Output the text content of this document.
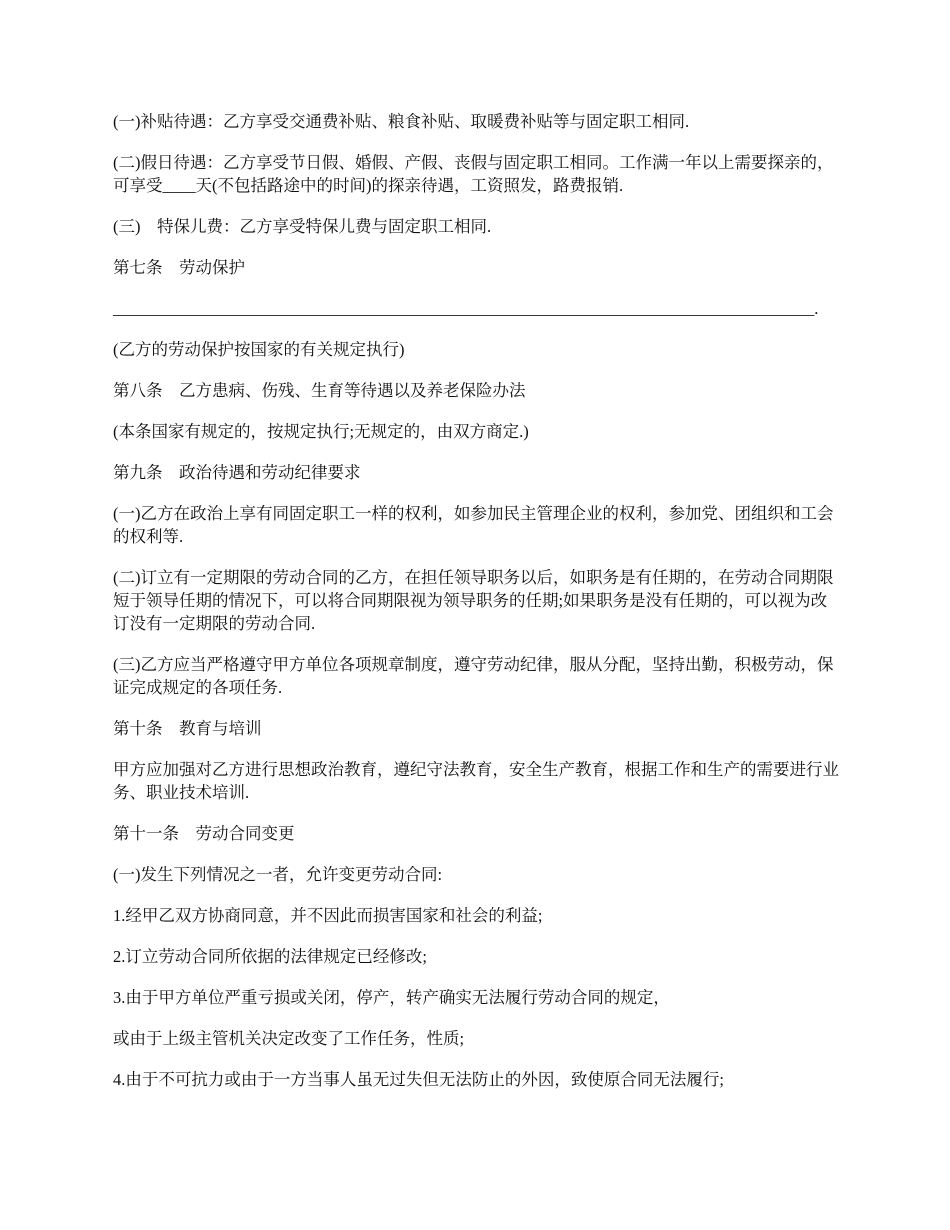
(一)补贴待遇：乙方享受交通费补贴、粮食补贴、取暖费补贴等与固定职工相同.

(二)假日待遇：乙方享受节日假、婚假、产假、丧假与固定职工相同。工作满一年以上需要探亲的，可享受____天(不包括路途中的时间)的探亲待遇，工资照发，路费报销.

(三)　特保儿费：乙方享受特保儿费与固定职工相同.

第七条　劳动保护

_____________________________________________________________________________________.

(乙方的劳动保护按国家的有关规定执行)

第八条　乙方患病、伤残、生育等待遇以及养老保险办法

(本条国家有规定的，按规定执行;无规定的，由双方商定.)

第九条　政治待遇和劳动纪律要求

(一)乙方在政治上享有同固定职工一样的权利，如参加民主管理企业的权利，参加党、团组织和工会的权利等.

(二)订立有一定期限的劳动合同的乙方，在担任领导职务以后，如职务是有任期的，在劳动合同期限短于领导任期的情况下，可以将合同期限视为领导职务的任期;如果职务是没有任期的，可以视为改订没有一定期限的劳动合同.

(三)乙方应当严格遵守甲方单位各项规章制度，遵守劳动纪律，服从分配，坚持出勤，积极劳动，保证完成规定的各项任务.

第十条　教育与培训

甲方应加强对乙方进行思想政治教育，遵纪守法教育，安全生产教育，根据工作和生产的需要进行业务、职业技术培训.

第十一条　劳动合同变更

(一)发生下列情况之一者，允许变更劳动合同:

1.经甲乙双方协商同意，并不因此而损害国家和社会的利益;

2.订立劳动合同所依据的法律规定已经修改;

3.由于甲方单位严重亏损或关闭，停产，转产确实无法履行劳动合同的规定，

或由于上级主管机关决定改变了工作任务，性质;

4.由于不可抗力或由于一方当事人虽无过失但无法防止的外因，致使原合同无法履行;
